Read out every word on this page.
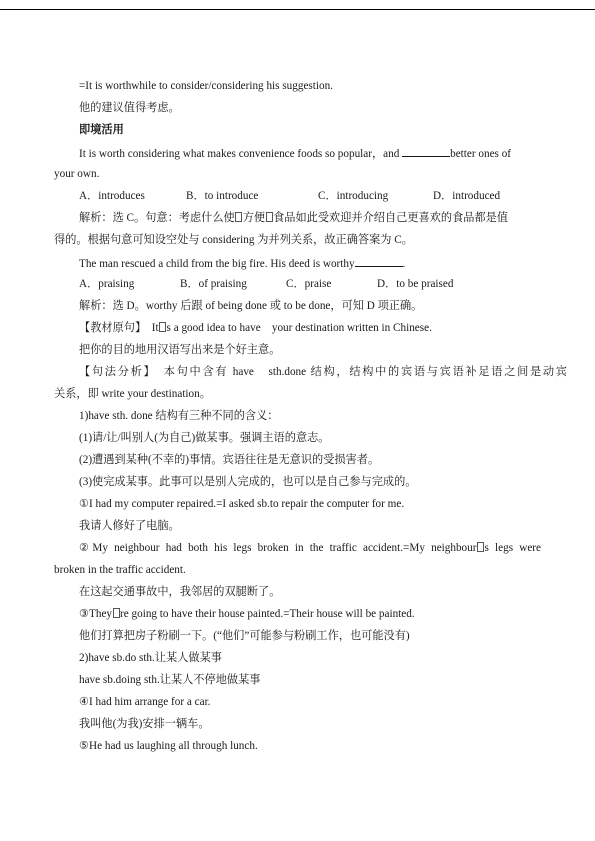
=It is worthwhile to consider/considering his suggestion.
他的建议值得考虑。
即境活用
It is worth considering what makes convenience foods so popular，and	better ones of
your own.
A．introduces	B．to introduce	C．introducing	D．introduced
解析：选 C。句意：考虑什么使 方便 食品如此受欢迎并介绍自己更喜欢的食品都是值
得的。根据句意可知设空处与 considering 为并列关系，故正确答案为 C。
The man rescued a child from the big fire. His deed is worthy	.
A．praising	B．of praising	C．praise	D．to be praised
解析：选 D。worthy 后跟 of being done 或 to be done，可知 D 项正确。
【教材原句】　It s a good idea to have　your destination written in Chinese.
把你的目的地用汉语写出来是个好主意。
【句法分析】　本句中含有 have　sth.done 结构，结构中的宾语与宾语补足语之间是动宾
关系，即 write your destination。
1)have sth. done 结构有三种不同的含义：
(1)请/让/叫别人(为自己)做某事。强调主语的意志。
(2)遭遇到某种(不幸的)事情。宾语往往是无意识的受损害者。
(3)使完成某事。此事可以是别人完成的，也可以是自己参与完成的。
①I had my computer repaired.=I asked sb.to repair the computer for me.
我请人修好了电脑。
②My neighbour had both his legs broken in the traffic accident.=My neighbour s legs were
broken in the traffic accident.
在这起交通事故中，我邻居的双腿断了。
③They re going to have their house painted.=Their house will be painted.
他们打算把房子粉刷一下。(“他们”可能参与粉刷工作，也可能没有)
2)have sb.do sth.让某人做某事
have sb.doing sth.让某人不停地做某事
④I had him arrange for a car.
我叫他(为我)安排一辆车。
⑤He had us laughing all through lunch.
